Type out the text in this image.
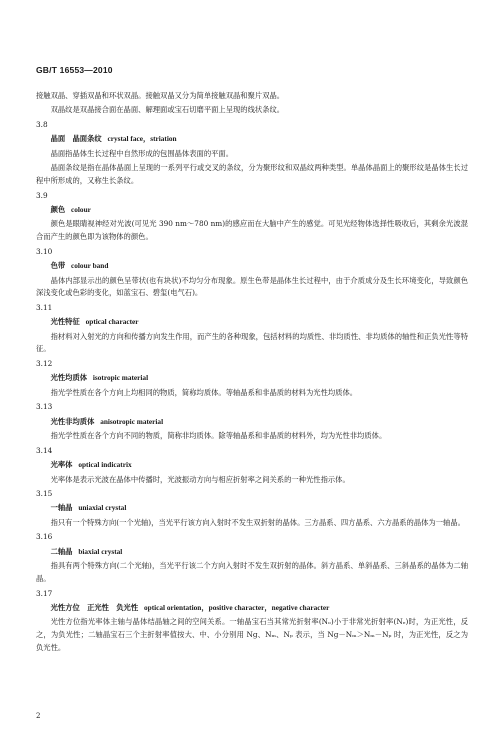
GB/T 16553—2010

接触双晶、穿插双晶和环状双晶。接触双晶又分为简单接触双晶和聚片双晶。

双晶纹是双晶接合面在晶面、解理面或宝石切磨平面上呈现的线状条纹。

3.8
晶面　晶面条纹 crystal face，striation

晶面指晶体生长过程中自然形成的包围晶体表面的平面。

晶面条纹是指在晶体晶面上呈现的一系列平行或交叉的条纹，分为聚形纹和双晶纹两种类型。单晶体晶面上的聚形纹是晶体生长过程中所形成的，又称生长条纹。

3.9
颜色 colour

颜色是眼睛视神经对光波(可见光 390 nm～780 nm)的感应而在大脑中产生的感觉。可见光经物体选择性吸收后，其剩余光波混合而产生的颜色即为该物体的颜色。

3.10
色带 colour band

晶体内部显示出的颜色呈带状(也有块状)不均匀分布现象。原生色带是晶体生长过程中，由于介质成分及生长环境变化，导致颜色深浅变化或色彩的变化，如蓝宝石、碧玺(电气石)。

3.11
光性特征 optical character

指材料对入射光的方向和传播方向发生作用，而产生的各种现象，包括材料的均质性、非均质性、非均质体的轴性和正负光性等特征。

3.12
光性均质体 isotropic material

指光学性质在各个方向上均相同的物质，简称均质体。等轴晶系和非晶质的材料为光性均质体。

3.13
光性非均质体 anisotropic material

指光学性质在各个方向不同的物质，简称非均质体。除等轴晶系和非晶质的材料外，均为光性非均质体。

3.14
光率体 optical indicatrix

光率体是表示光波在晶体中传播时，光波振动方向与相应折射率之间关系的一种光性指示体。

3.15
一轴晶 uniaxial crystal

指只有一个特殊方向(一个光轴)，当光平行该方向入射时不发生双折射的晶体。三方晶系、四方晶系、六方晶系的晶体为一轴晶。

3.16
二轴晶 biaxial crystal

指具有两个特殊方向(二个光轴)，当光平行该二个方向入射时不发生双折射的晶体。斜方晶系、单斜晶系、三斜晶系的晶体为二轴晶。

3.17
光性方位　正光性　负光性 optical orientation，positive character，negative character

光性方位指光率体主轴与晶体结晶轴之间的空间关系。一轴晶宝石当其常光折射率(Nₒ)小于非常光折射率(Nₑ)时，为正光性，反之，为负光性；二轴晶宝石三个主折射率值按大、中、小分别用 Nɡ、Nₘ、Nₚ 表示，当 Nɡ－Nₘ＞Nₘ－Nₚ 时，为正光性，反之为负光性。

2
